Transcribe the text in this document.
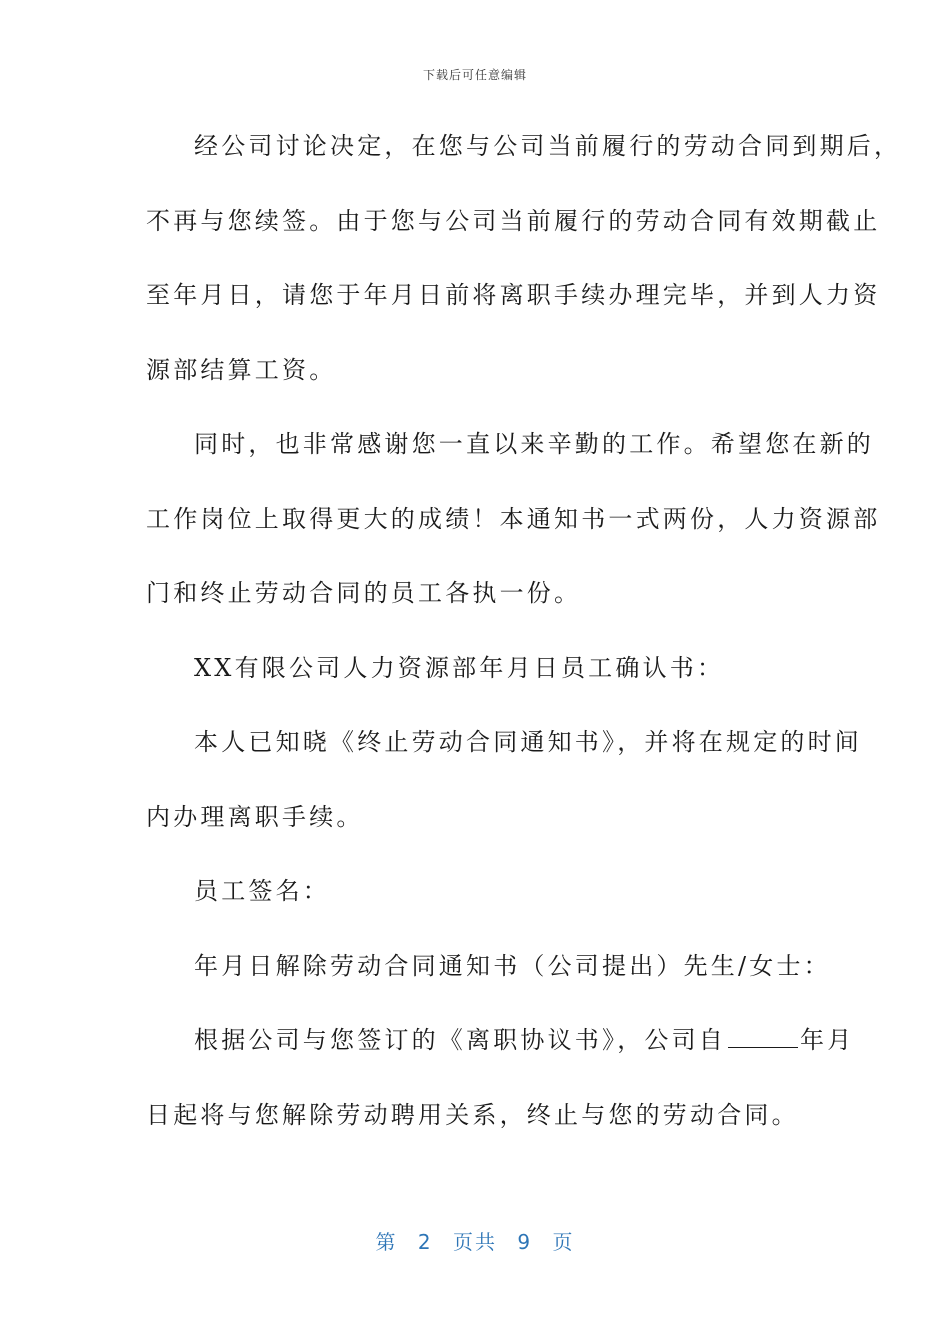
下载后可任意编辑
经公司讨论决定，在您与公司当前履行的劳动合同到期后，
不再与您续签。由于您与公司当前履行的劳动合同有效期截止
至年月日，请您于年月日前将离职手续办理完毕，并到人力资
源部结算工资。
同时，也非常感谢您一直以来辛勤的工作。希望您在新的
工作岗位上取得更大的成绩！本通知书一式两份，人力资源部
门和终止劳动合同的员工各执一份。
XX有限公司人力资源部年月日员工确认书：
本人已知晓《终止劳动合同通知书》，并将在规定的时间
内办理离职手续。
员工签名：
年月日解除劳动合同通知书（公司提出）先生/女士：
根据公司与您签订的《离职协议书》，公司自	年月
日起将与您解除劳动聘用关系，终止与您的劳动合同。
第 2 页共 9 页
